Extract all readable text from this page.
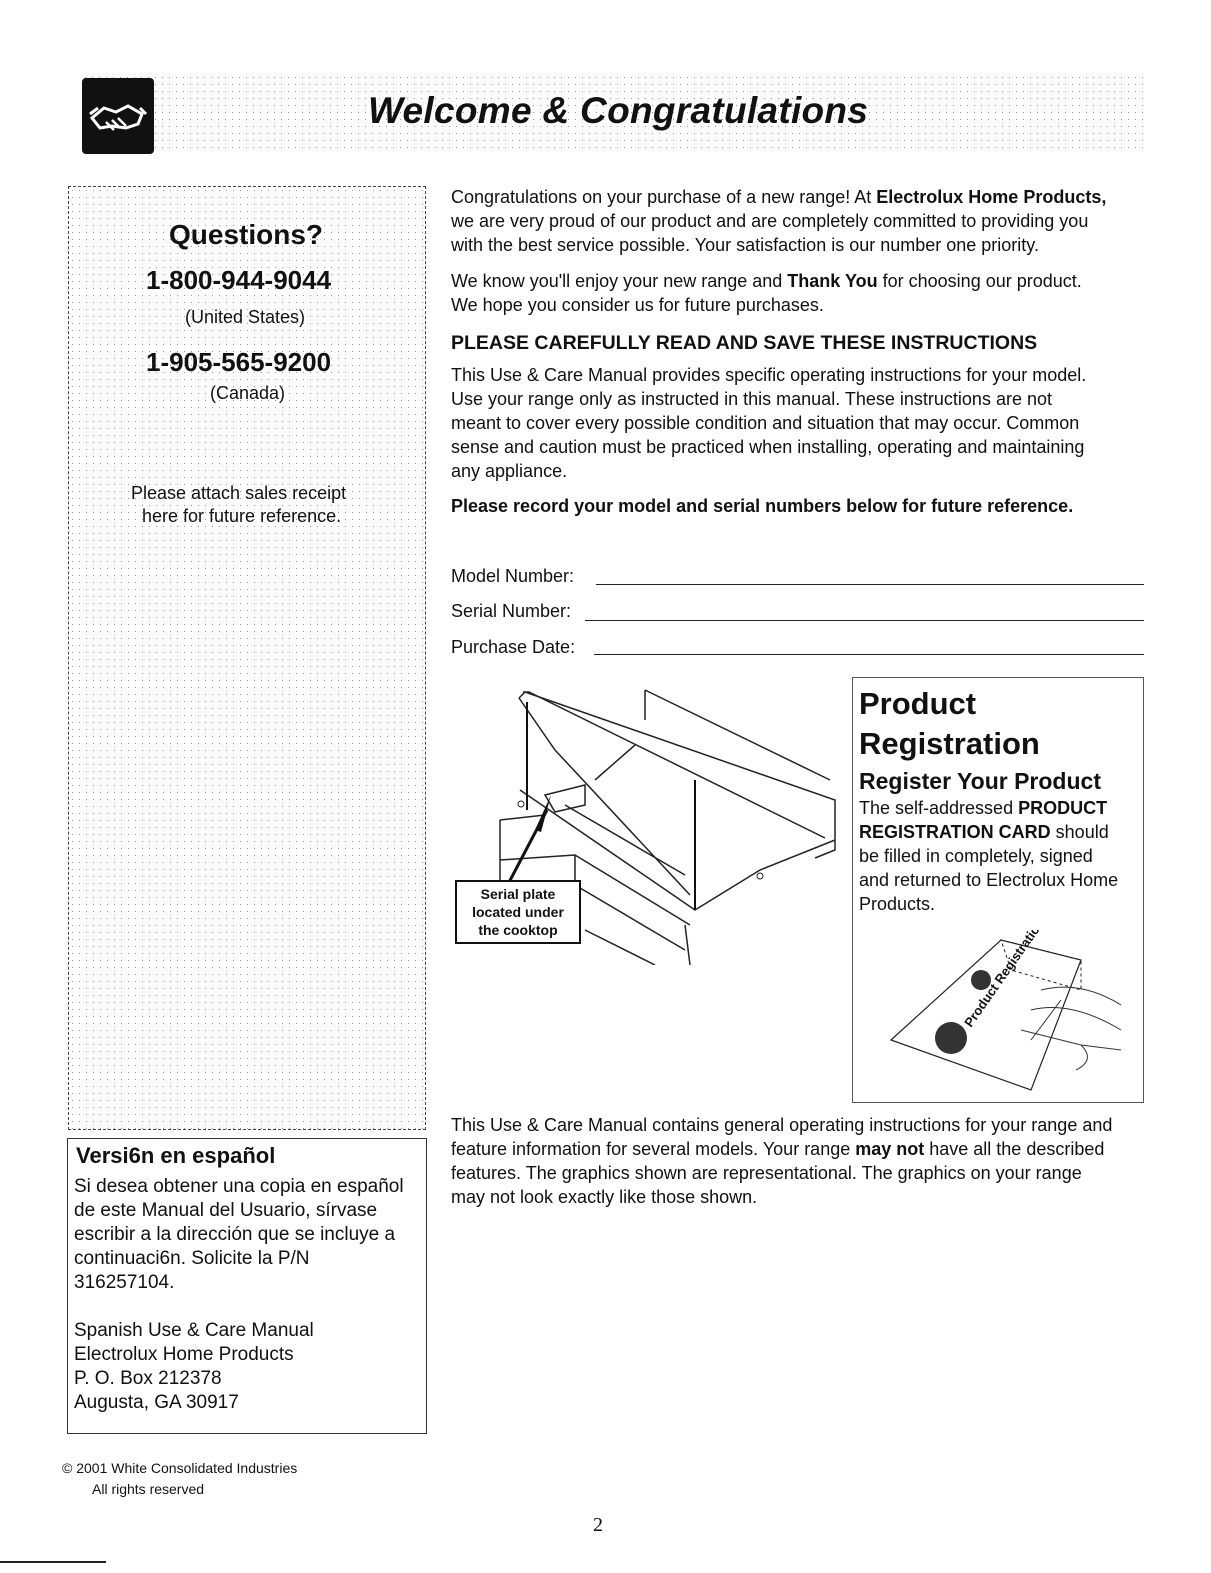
Welcome & Congratulations
Questions?
1-800-944-9044
(United States)
1-905-565-9200
(Canada)
Please attach sales receipt
here for future reference.
Versi6n en español
Si desea obtener una copia en español
de este Manual del Usuario, sírvase
escribir a la dirección que se incluye a
continuaci6n. Solicite la P/N
316257104.
Spanish Use & Care Manual
Electrolux Home Products
P. O. Box 212378
Augusta, GA 30917
Congratulations on your purchase of a new range! At Electrolux Home Products,
we are very proud of our product and are completely committed to providing you
with the best service possible. Your satisfaction is our number one priority.
We know you'll enjoy your new range and Thank You for choosing our product.
We hope you consider us for future purchases.
PLEASE CAREFULLY READ AND SAVE THESE INSTRUCTIONS
This Use & Care Manual provides specific operating instructions for your model.
Use your range only as instructed in this manual. These instructions are not
meant to cover every possible condition and situation that may occur. Common
sense and caution must be practiced when installing, operating and maintaining
any appliance.
Please record your model and serial numbers below for future reference.
Model Number:
Serial Number:
Purchase Date:
Serial plate
located under
the cooktop
Product
Registration
Register Your Product
The self-addressed PRODUCT
REGISTRATION CARD should
be filled in completely, signed
and returned to Electrolux Home
Products.
This Use & Care Manual contains general operating instructions for your range and
feature information for several models. Your range may not have all the described
features. The graphics shown are representational. The graphics on your range
may not look exactly like those shown.
© 2001 White Consolidated Industries
All rights reserved
2
